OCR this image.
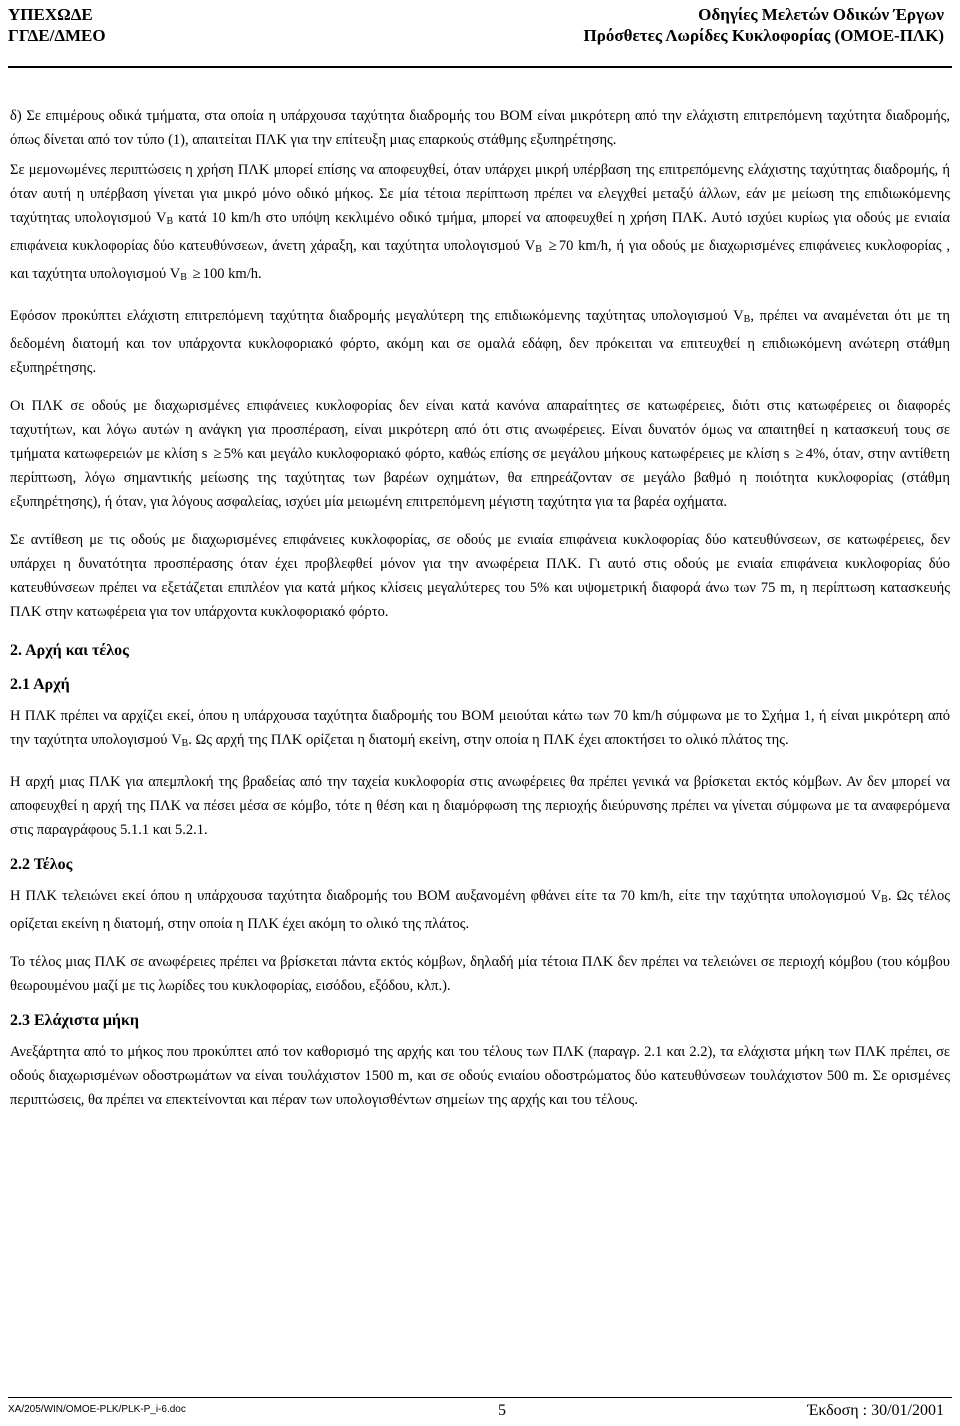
ΥΠΕΧΩΔΕ
ΓΓΔΕ/ΔΜΕΟ
Οδηγίες Μελετών Οδικών Έργων
Πρόσθετες Λωρίδες Κυκλοφορίας (ΟΜΟΕ-ΠΛΚ)

δ) Σε επιμέρους οδικά τμήματα, στα οποία η υπάρχουσα ταχύτητα διαδρομής του ΒΟΜ είναι μικρότερη από την ελάχιστη επιτρεπόμενη ταχύτητα διαδρομής, όπως δίνεται από τον τύπο (1), απαιτείται ΠΛΚ για την επίτευξη μιας επαρκούς στάθμης εξυπηρέτησης.

Σε μεμονωμένες περιπτώσεις η χρήση ΠΛΚ μπορεί επίσης να αποφευχθεί, όταν υπάρχει μικρή υπέρβαση της επιτρεπόμενης ελάχιστης ταχύτητας διαδρομής, ή όταν αυτή η υπέρβαση γίνεται για μικρό μόνο οδικό μήκος. Σε μία τέτοια περίπτωση πρέπει να ελεγχθεί μεταξύ άλλων, εάν με μείωση της επιδιωκόμενης ταχύτητας υπολογισμού $V_B$ κατά 10 km/h στο υπόψη κεκλιμένο οδικό τμήμα, μπορεί να αποφευχθεί η χρήση ΠΛΚ. Αυτό ισχύει κυρίως για οδούς με ενιαία επιφάνεια κυκλοφορίας δύο κατευθύνσεων, άνετη χάραξη, και ταχύτητα υπολογισμού $V_B \ge 70$ km/h, ή για οδούς με διαχωρισμένες επιφάνειες κυκλοφορίας , και ταχύτητα υπολογισμού $V_B \ge 100$ km/h.

Εφόσον προκύπτει ελάχιστη επιτρεπόμενη ταχύτητα διαδρομής μεγαλύτερη της επιδιωκόμενης ταχύτητας υπολογισμού $V_B$, πρέπει να αναμένεται ότι με τη δεδομένη διατομή και τον υπάρχοντα κυκλοφοριακό φόρτο, ακόμη και σε ομαλά εδάφη, δεν πρόκειται να επιτευχθεί η επιδιωκόμενη ανώτερη στάθμη εξυπηρέτησης.

Οι ΠΛΚ σε οδούς με διαχωρισμένες επιφάνειες κυκλοφορίας δεν είναι κατά κανόνα απαραίτητες σε κατωφέρειες, διότι στις κατωφέρειες οι διαφορές ταχυτήτων, και λόγω αυτών η ανάγκη για προσπέραση, είναι μικρότερη από ότι στις ανωφέρειες. Είναι δυνατόν όμως να απαιτηθεί η κατασκευή τους σε τμήματα κατωφερειών με κλίση s ≥ 5% και μεγάλο κυκλοφοριακό φόρτο, καθώς επίσης σε μεγάλου μήκους κατωφέρειες με κλίση s ≥ 4%, όταν, στην αντίθετη περίπτωση, λόγω σημαντικής μείωσης της ταχύτητας των βαρέων οχημάτων, θα επηρεάζονταν σε μεγάλο βαθμό η ποιότητα κυκλοφορίας (στάθμη εξυπηρέτησης), ή όταν, για λόγους ασφαλείας, ισχύει μία μειωμένη επιτρεπόμενη μέγιστη ταχύτητα για τα βαρέα οχήματα.

Σε αντίθεση με τις οδούς με διαχωρισμένες επιφάνειες κυκλοφορίας, σε οδούς με ενιαία επιφάνεια κυκλοφορίας δύο κατευθύνσεων, σε κατωφέρειες, δεν υπάρχει η δυνατότητα προσπέρασης όταν έχει προβλεφθεί μόνον για την ανωφέρεια ΠΛΚ. Γι αυτό στις οδούς με ενιαία επιφάνεια κυκλοφορίας δύο κατευθύνσεων πρέπει να εξετάζεται επιπλέον για κατά μήκος κλίσεις μεγαλύτερες του 5% και υψομετρική διαφορά άνω των 75 m, η περίπτωση κατασκευής ΠΛΚ στην κατωφέρεια για τον υπάρχοντα κυκλοφοριακό φόρτο.

2. Αρχή και τέλος
2.1 Αρχή

Η ΠΛΚ πρέπει να αρχίζει εκεί, όπου η υπάρχουσα ταχύτητα διαδρομής του ΒΟΜ μειούται κάτω των 70 km/h σύμφωνα με το Σχήμα 1, ή είναι μικρότερη από την ταχύτητα υπολογισμού $V_B$. Ως αρχή της ΠΛΚ ορίζεται η διατομή εκείνη, στην οποία η ΠΛΚ έχει αποκτήσει το ολικό πλάτος της.

Η αρχή μιας ΠΛΚ για απεμπλοκή της βραδείας από την ταχεία κυκλοφορία στις ανωφέρειες θα πρέπει γενικά να βρίσκεται εκτός κόμβων. Αν δεν μπορεί να αποφευχθεί η αρχή της ΠΛΚ να πέσει μέσα σε κόμβο, τότε η θέση και η διαμόρφωση της περιοχής διεύρυνσης πρέπει να γίνεται σύμφωνα με τα αναφερόμενα στις παραγράφους 5.1.1 και 5.2.1.

2.2 Τέλος

Η ΠΛΚ τελειώνει εκεί όπου η υπάρχουσα ταχύτητα διαδρομής του ΒΟΜ αυξανομένη φθάνει είτε τα 70 km/h, είτε την ταχύτητα υπολογισμού $V_B$. Ως τέλος ορίζεται εκείνη η διατομή, στην οποία η ΠΛΚ έχει ακόμη το ολικό της πλάτος.

Το τέλος μιας ΠΛΚ σε ανωφέρειες πρέπει να βρίσκεται πάντα εκτός κόμβων, δηλαδή μία τέτοια ΠΛΚ δεν πρέπει να τελειώνει σε περιοχή κόμβου (του κόμβου θεωρουμένου μαζί με τις λωρίδες του κυκλοφορίας, εισόδου, εξόδου, κλπ.).

2.3 Ελάχιστα μήκη

Ανεξάρτητα από το μήκος που προκύπτει από τον καθορισμό της αρχής και του τέλους των ΠΛΚ (παραγρ. 2.1 και 2.2), τα ελάχιστα μήκη των ΠΛΚ πρέπει, σε οδούς διαχωρισμένων οδοστρωμάτων να είναι τουλάχιστον 1500 m, και σε οδούς ενιαίου οδοστρώματος δύο κατευθύνσεων τουλάχιστον 500 m. Σε ορισμένες περιπτώσεις, θα πρέπει να επεκτείνονται και πέραν των υπολογισθέντων σημείων της αρχής και του τέλους.

ΧΑ/205/WIN/OMOE-PLK/PLK-P_i-6.doc	5	Έκδοση : 30/01/2001
